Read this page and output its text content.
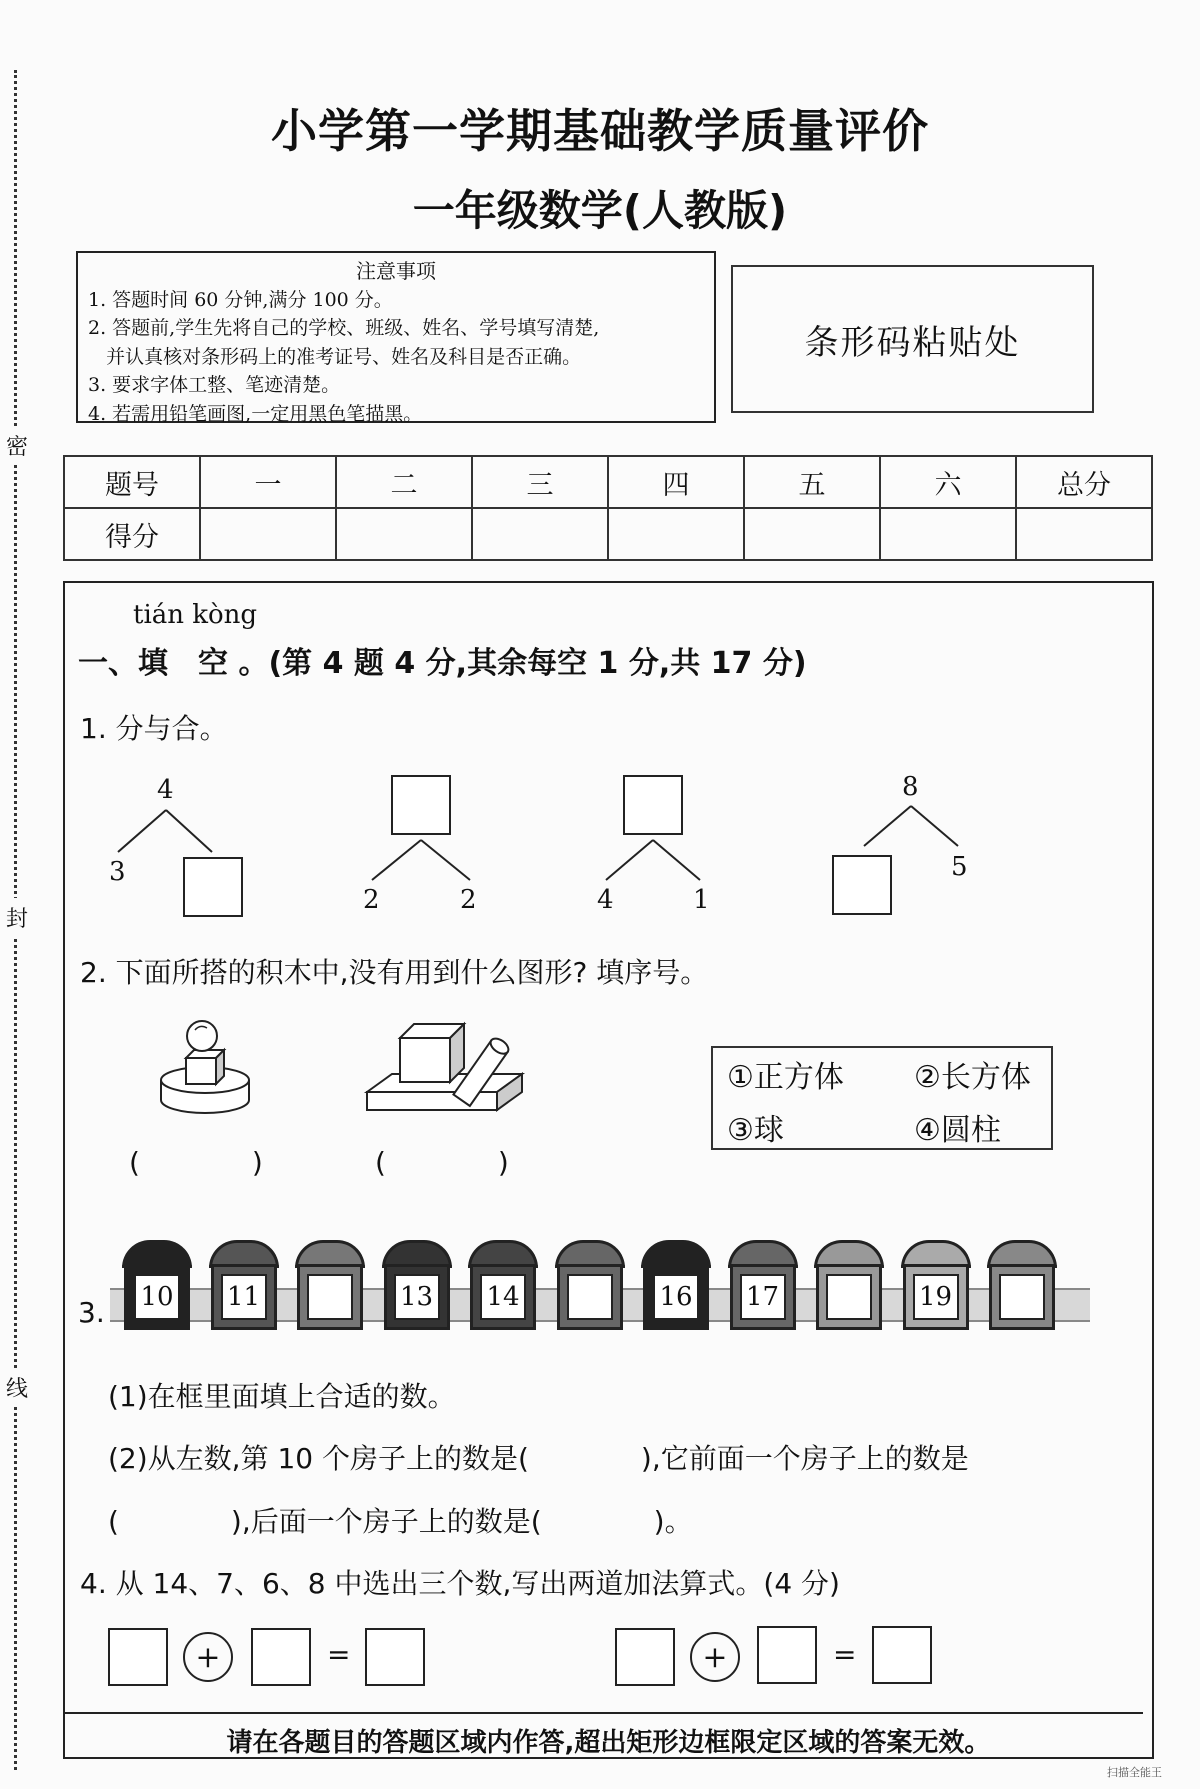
密
封
线
小学第一学期基础教学质量评价
一年级数学(人教版)
注意事项
1. 答题时间 60 分钟,满分 100 分。
2. 答题前,学生先将自己的学校、班级、姓名、学号填写清楚,
并认真核对条形码上的准考证号、姓名及科目是否正确。
3. 要求字体工整、笔迹清楚。
4. 若需用铅笔画图,一定用黑色笔描黑。
条形码粘贴处
题号	一	二	三	四	五	六	总分
得分							
tián kòng
一、填　空 。(第 4 题 4 分,其余每空 1 分,共 17 分)
1. 分与合。
4
3
2	2	4	1
8
5
2. 下面所搭的积木中,没有用到什么图形? 填序号。
(　　　　)	(　　　　)
①正方体 ②长方体
③球	④圆柱
3. 10 11	13 14	16 17	19
(1)在框里面填上合适的数。
(2)从左数,第 10 个房子上的数是(　　　　),它前面一个房子上的数是
(　　　　),后面一个房子上的数是(　　　　)。
4. 从 14、7、6、8 中选出三个数,写出两道加法算式。(4 分)
+	=	+	=
请在各题目的答题区域内作答,超出矩形边框限定区域的答案无效。
扫描全能王
